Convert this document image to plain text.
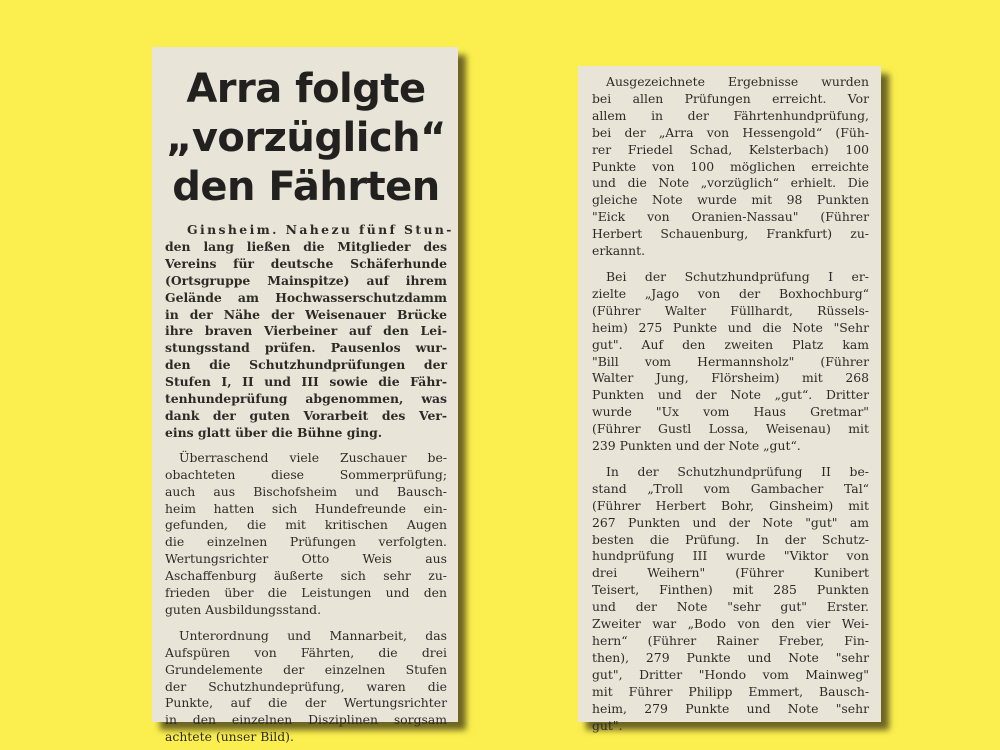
Arra folgte
„vorzüglich“
den Fährten
Ginsheim. Nahezu fünf Stun-
den lang ließen die Mitglieder des
Vereins für deutsche Schäferhunde
(Ortsgruppe Mainspitze) auf ihrem
Gelände am Hochwasserschutzdamm
in der Nähe der Weisenauer Brücke
ihre braven Vierbeiner auf den Lei-
stungsstand prüfen. Pausenlos wur-
den die Schutzhundprüfungen der
Stufen I, II und III sowie die Fähr-
tenhundeprüfung abgenommen, was
dank der guten Vorarbeit des Ver-
eins glatt über die Bühne ging.
Überraschend viele Zuschauer be-
obachteten diese Sommerprüfung;
auch aus Bischofsheim und Bausch-
heim hatten sich Hundefreunde ein-
gefunden, die mit kritischen Augen
die einzelnen Prüfungen verfolgten.
Wertungsrichter Otto Weis aus
Aschaffenburg äußerte sich sehr zu-
frieden über die Leistungen und den
guten Ausbildungsstand.
Unterordnung und Mannarbeit, das
Aufspüren von Fährten, die drei
Grundelemente der einzelnen Stufen
der Schutzhundeprüfung, waren die
Punkte, auf die der Wertungsrichter
in den einzelnen Disziplinen sorgsam
achtete (unser Bild).
Ausgezeichnete Ergebnisse wurden
bei allen Prüfungen erreicht. Vor
allem in der Fährtenhundprüfung,
bei der „Arra von Hessengold“ (Füh-
rer Friedel Schad, Kelsterbach) 100
Punkte von 100 möglichen erreichte
und die Note „vorzüglich“ erhielt. Die
gleiche Note wurde mit 98 Punkten
"Eick von Oranien-Nassau" (Führer
Herbert Schauenburg, Frankfurt) zu-
erkannt.
Bei der Schutzhundprüfung I er-
zielte „Jago von der Boxhochburg“
(Führer Walter Füllhardt, Rüssels-
heim) 275 Punkte und die Note "Sehr
gut". Auf den zweiten Platz kam
"Bill vom Hermannsholz" (Führer
Walter Jung, Flörsheim) mit 268
Punkten und der Note „gut“. Dritter
wurde "Ux vom Haus Gretmar"
(Führer Gustl Lossa, Weisenau) mit
239 Punkten und der Note „gut“.
In der Schutzhundprüfung II be-
stand „Troll vom Gambacher Tal“
(Führer Herbert Bohr, Ginsheim) mit
267 Punkten und der Note "gut" am
besten die Prüfung. In der Schutz-
hundprüfung III wurde "Viktor von
drei Weihern" (Führer Kunibert
Teisert, Finthen) mit 285 Punkten
und der Note "sehr gut" Erster.
Zweiter war „Bodo von den vier Wei-
hern“ (Führer Rainer Freber, Fin-
then), 279 Punkte und Note "sehr
gut", Dritter "Hondo vom Mainweg"
mit Führer Philipp Emmert, Bausch-
heim, 279 Punkte und Note "sehr
gut".
